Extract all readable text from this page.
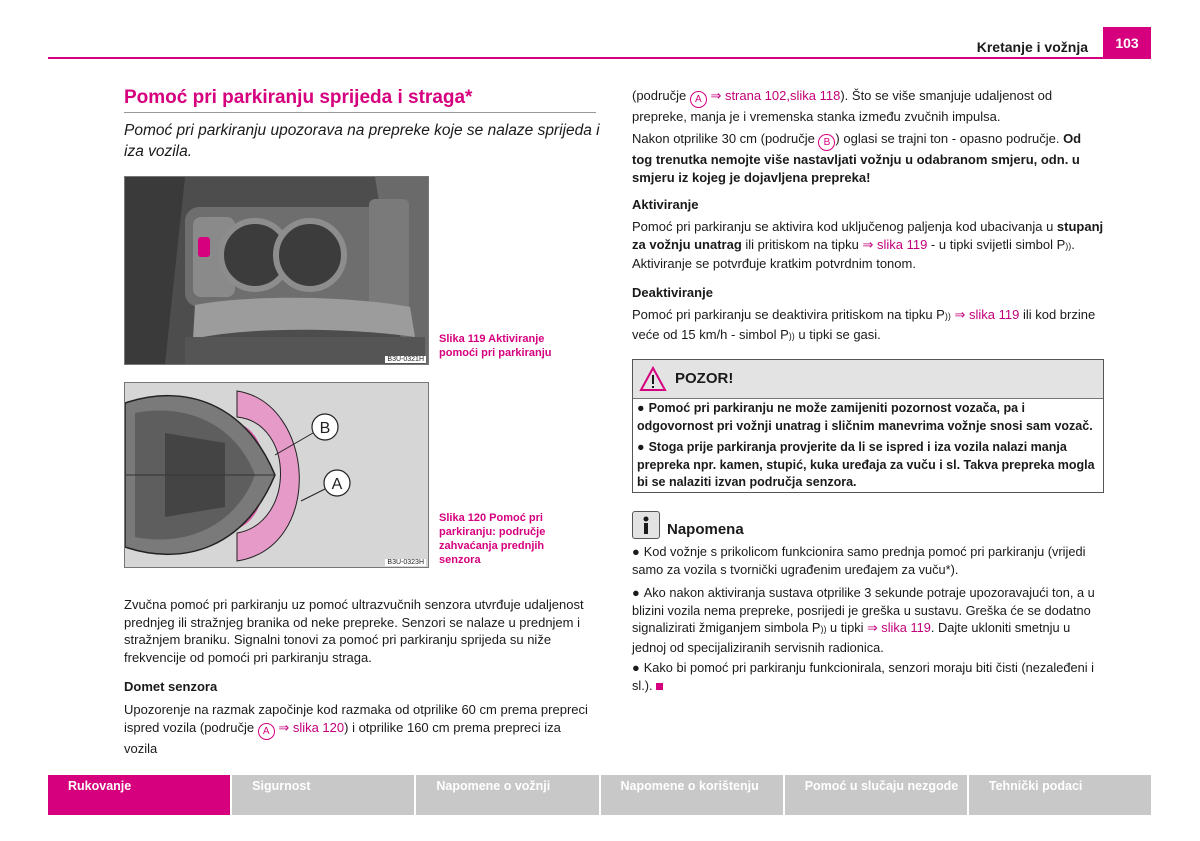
Kretanje i vožnja	103
Pomoć pri parkiranju sprijeda i straga*
Pomoć pri parkiranju upozorava na prepreke koje se nalaze sprijeda i iza vozila.
B3U-0321H
Slika 119 Aktiviranje pomoći pri parkiranju
B
A
B3U-0323H
Slika 120 Pomoć pri parkiranju: područje zahvaćanja prednjih senzora
Zvučna pomoć pri parkiranju uz pomoć ultrazvučnih senzora utvrđuje udaljenost prednjeg ili stražnjeg branika od neke prepreke. Senzori se nalaze u prednjem i stražnjem braniku. Signalni tonovi za pomoć pri parkiranju sprijeda su niže frekvencije od pomoći pri parkiranju straga.
Domet senzora
Upozorenje na razmak započinje kod razmaka od otprilike 60 cm prema prepreci ispred vozila (područje A ⇒ slika 120) i otprilike 160 cm prema prepreci iza vozila
(područje A ⇒ strana 102,slika 118). Što se više smanjuje udaljenost od prepreke, manja je i vremenska stanka između zvučnih impulsa.
Nakon otprilike 30 cm (područje B ) oglasi se trajni ton - opasno područje. Od tog trenutka nemojte više nastavljati vožnju u odabranom smjeru, odn. u smjeru iz kojeg je dojavljena prepreka!
Aktiviranje
Pomoć pri parkiranju se aktivira kod uključenog paljenja kod ubacivanja u stupanj za vožnju unatrag ili pritiskom na tipku ⇒ slika 119 - u tipki svijetli simbol P)). Aktiviranje se potvrđuje kratkim potvrdnim tonom.
Deaktiviranje
Pomoć pri parkiranju se deaktivira pritiskom na tipku P)) ⇒ slika 119 ili kod brzine veće od 15 km/h - simbol P)) u tipki se gasi.
POZOR!
● Pomoć pri parkiranju ne može zamijeniti pozornost vozača, pa i odgovornost pri vožnji unatrag i sličnim manevrima vožnje snosi sam vozač.
● Stoga prije parkiranja provjerite da li se ispred i iza vozila nalazi manja prepreka npr. kamen, stupić, kuka uređaja za vuču i sl. Takva prepreka mogla bi se nalaziti izvan područja senzora.
Napomena
● Kod vožnje s prikolicom funkcionira samo prednja pomoć pri parkiranju (vrijedi samo za vozila s tvornički ugrađenim uređajem za vuču*).
● Ako nakon aktiviranja sustava otprilike 3 sekunde potraje upozoravajući ton, a u blizini vozila nema prepreke, posrijedi je greška u sustavu. Greška će se dodatno signalizirati žmiganjem simbola P)) u tipki ⇒ slika 119. Dajte ukloniti smetnju u jednoj od specijaliziranih servisnih radionica.
● Kako bi pomoć pri parkiranju funkcionirala, senzori moraju biti čisti (nezaleđeni i sl.).
Rukovanje	Sigurnost	Napomene o vožnji	Napomene o korištenju	Pomoć u slučaju nezgode	Tehnički podaci
